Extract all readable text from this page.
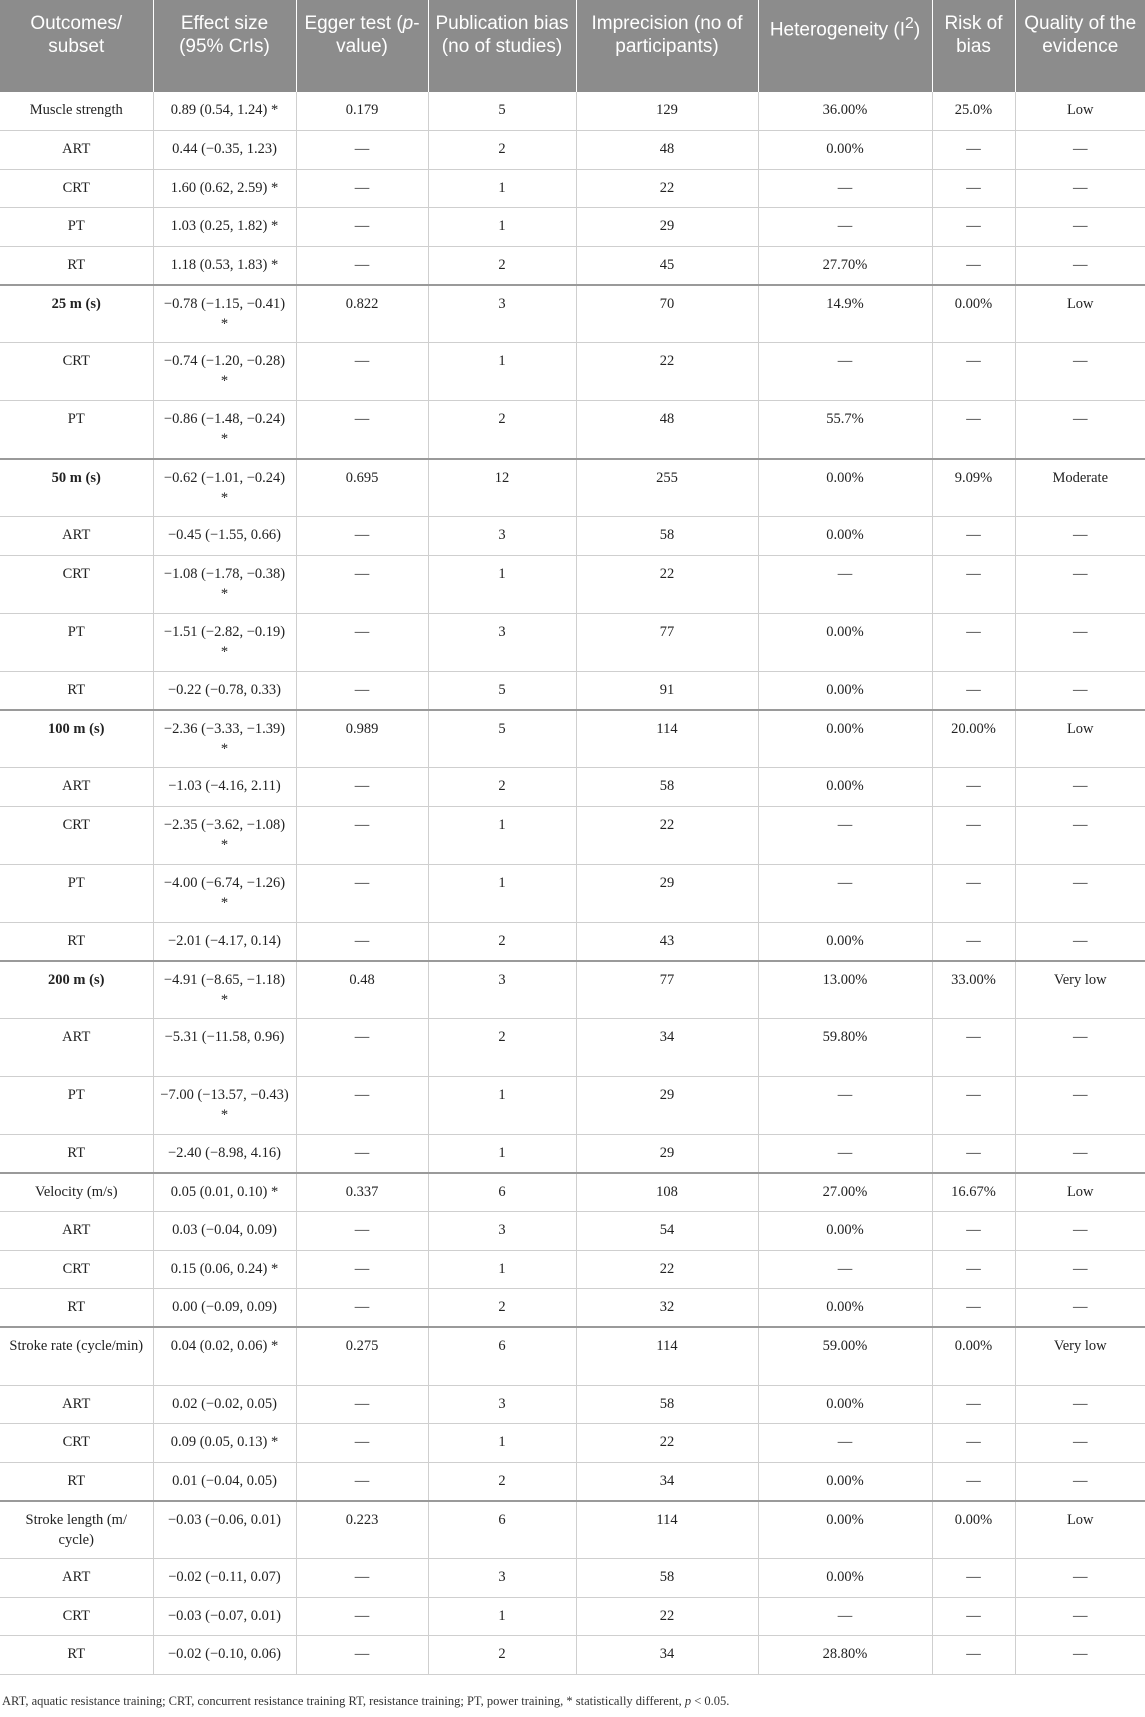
Outcomes/ subset	Effect size (95% CrIs)	Egger test (p-value)	Publication bias (no of studies)	Imprecision (no of participants)	Heterogeneity $(I^2)$	Risk of bias	Quality of the evidence
Muscle strength	0.89 (0.54, 1.24) *	0.179	5	129	36.00%	25.0%	Low
ART	0.44 (−0.35, 1.23)	—	2	48	0.00%	—	—
CRT	1.60 (0.62, 2.59) *	—	1	22	—	—	—
PT	1.03 (0.25, 1.82) *	—	1	29	—	—	—
RT	1.18 (0.53, 1.83) *	—	2	45	27.70%	—	—
25 m (s)	−0.78 (−1.15, −0.41) *	0.822	3	70	14.9%	0.00%	Low
CRT	−0.74 (−1.20, −0.28) *	—	1	22	—	—	—
PT	−0.86 (−1.48, −0.24) *	—	2	48	55.7%	—	—
50 m (s)	−0.62 (−1.01, −0.24) *	0.695	12	255	0.00%	9.09%	Moderate
ART	−0.45 (−1.55, 0.66)	—	3	58	0.00%	—	—
CRT	−1.08 (−1.78, −0.38) *	—	1	22	—	—	—
PT	−1.51 (−2.82, −0.19) *	—	3	77	0.00%	—	—
RT	−0.22 (−0.78, 0.33)	—	5	91	0.00%	—	—
100 m (s)	−2.36 (−3.33, −1.39) *	0.989	5	114	0.00%	20.00%	Low
ART	−1.03 (−4.16, 2.11)	—	2	58	0.00%	—	—
CRT	−2.35 (−3.62, −1.08) *	—	1	22	—	—	—
PT	−4.00 (−6.74, −1.26) *	—	1	29	—	—	—
RT	−2.01 (−4.17, 0.14)	—	2	43	0.00%	—	—
200 m (s)	−4.91 (−8.65, −1.18) *	0.48	3	77	13.00%	33.00%	Very low
ART	−5.31 (−11.58, 0.96)	—	2	34	59.80%	—	—
PT	−7.00 (−13.57, −0.43) *	—	1	29	—	—	—
RT	−2.40 (−8.98, 4.16)	—	1	29	—	—	—
Velocity (m/s)	0.05 (0.01, 0.10) *	0.337	6	108	27.00%	16.67%	Low
ART	0.03 (−0.04, 0.09)	—	3	54	0.00%	—	—
CRT	0.15 (0.06, 0.24) *	—	1	22	—	—	—
RT	0.00 (−0.09, 0.09)	—	2	32	0.00%	—	—
Stroke rate (cycle/min)	0.04 (0.02, 0.06) *	0.275	6	114	59.00%	0.00%	Very low
ART	0.02 (−0.02, 0.05)	—	3	58	0.00%	—	—
CRT	0.09 (0.05, 0.13) *	—	1	22	—	—	—
RT	0.01 (−0.04, 0.05)	—	2	34	0.00%	—	—
Stroke length (m/ cycle)	−0.03 (−0.06, 0.01)	0.223	6	114	0.00%	0.00%	Low
ART	−0.02 (−0.11, 0.07)	—	3	58	0.00%	—	—
CRT	−0.03 (−0.07, 0.01)	—	1	22	—	—	—
RT	−0.02 (−0.10, 0.06)	—	2	34	28.80%	—	—
ART, aquatic resistance training; CRT, concurrent resistance training RT, resistance training; PT, power training, * statistically different, p < 0.05.
